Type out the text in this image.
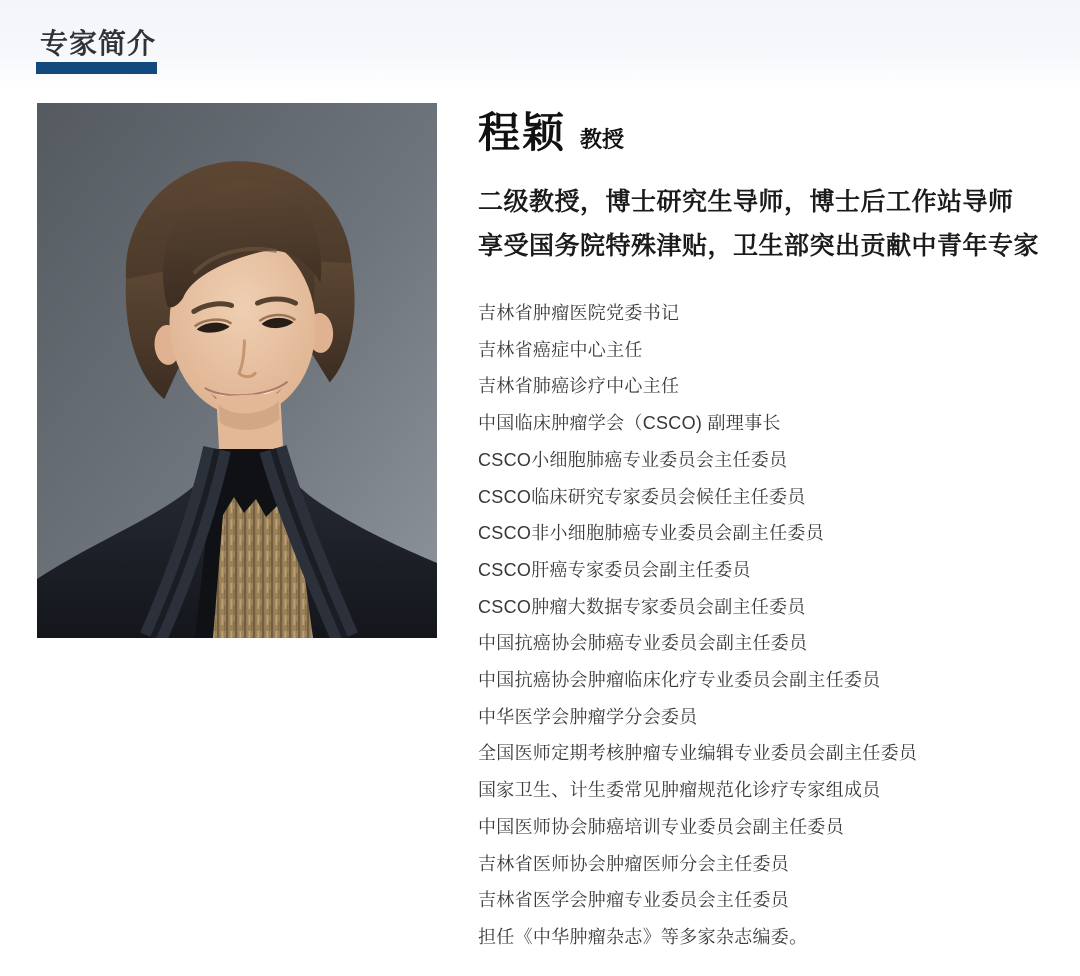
专家简介
程颖 教授
二级教授，博士研究生导师，博士后工作站导师
享受国务院特殊津贴，卫生部突出贡献中青年专家
吉林省肿瘤医院党委书记
吉林省癌症中心主任
吉林省肺癌诊疗中心主任
中国临床肿瘤学会（CSCO) 副理事长
CSCO小细胞肺癌专业委员会主任委员
CSCO临床研究专家委员会候任主任委员
CSCO非小细胞肺癌专业委员会副主任委员
CSCO肝癌专家委员会副主任委员
CSCO肿瘤大数据专家委员会副主任委员
中国抗癌协会肺癌专业委员会副主任委员
中国抗癌协会肿瘤临床化疗专业委员会副主任委员
中华医学会肿瘤学分会委员
全国医师定期考核肿瘤专业编辑专业委员会副主任委员
国家卫生、计生委常见肿瘤规范化诊疗专家组成员
中国医师协会肺癌培训专业委员会副主任委员
吉林省医师协会肿瘤医师分会主任委员
吉林省医学会肿瘤专业委员会主任委员
担任《中华肿瘤杂志》等多家杂志编委。
